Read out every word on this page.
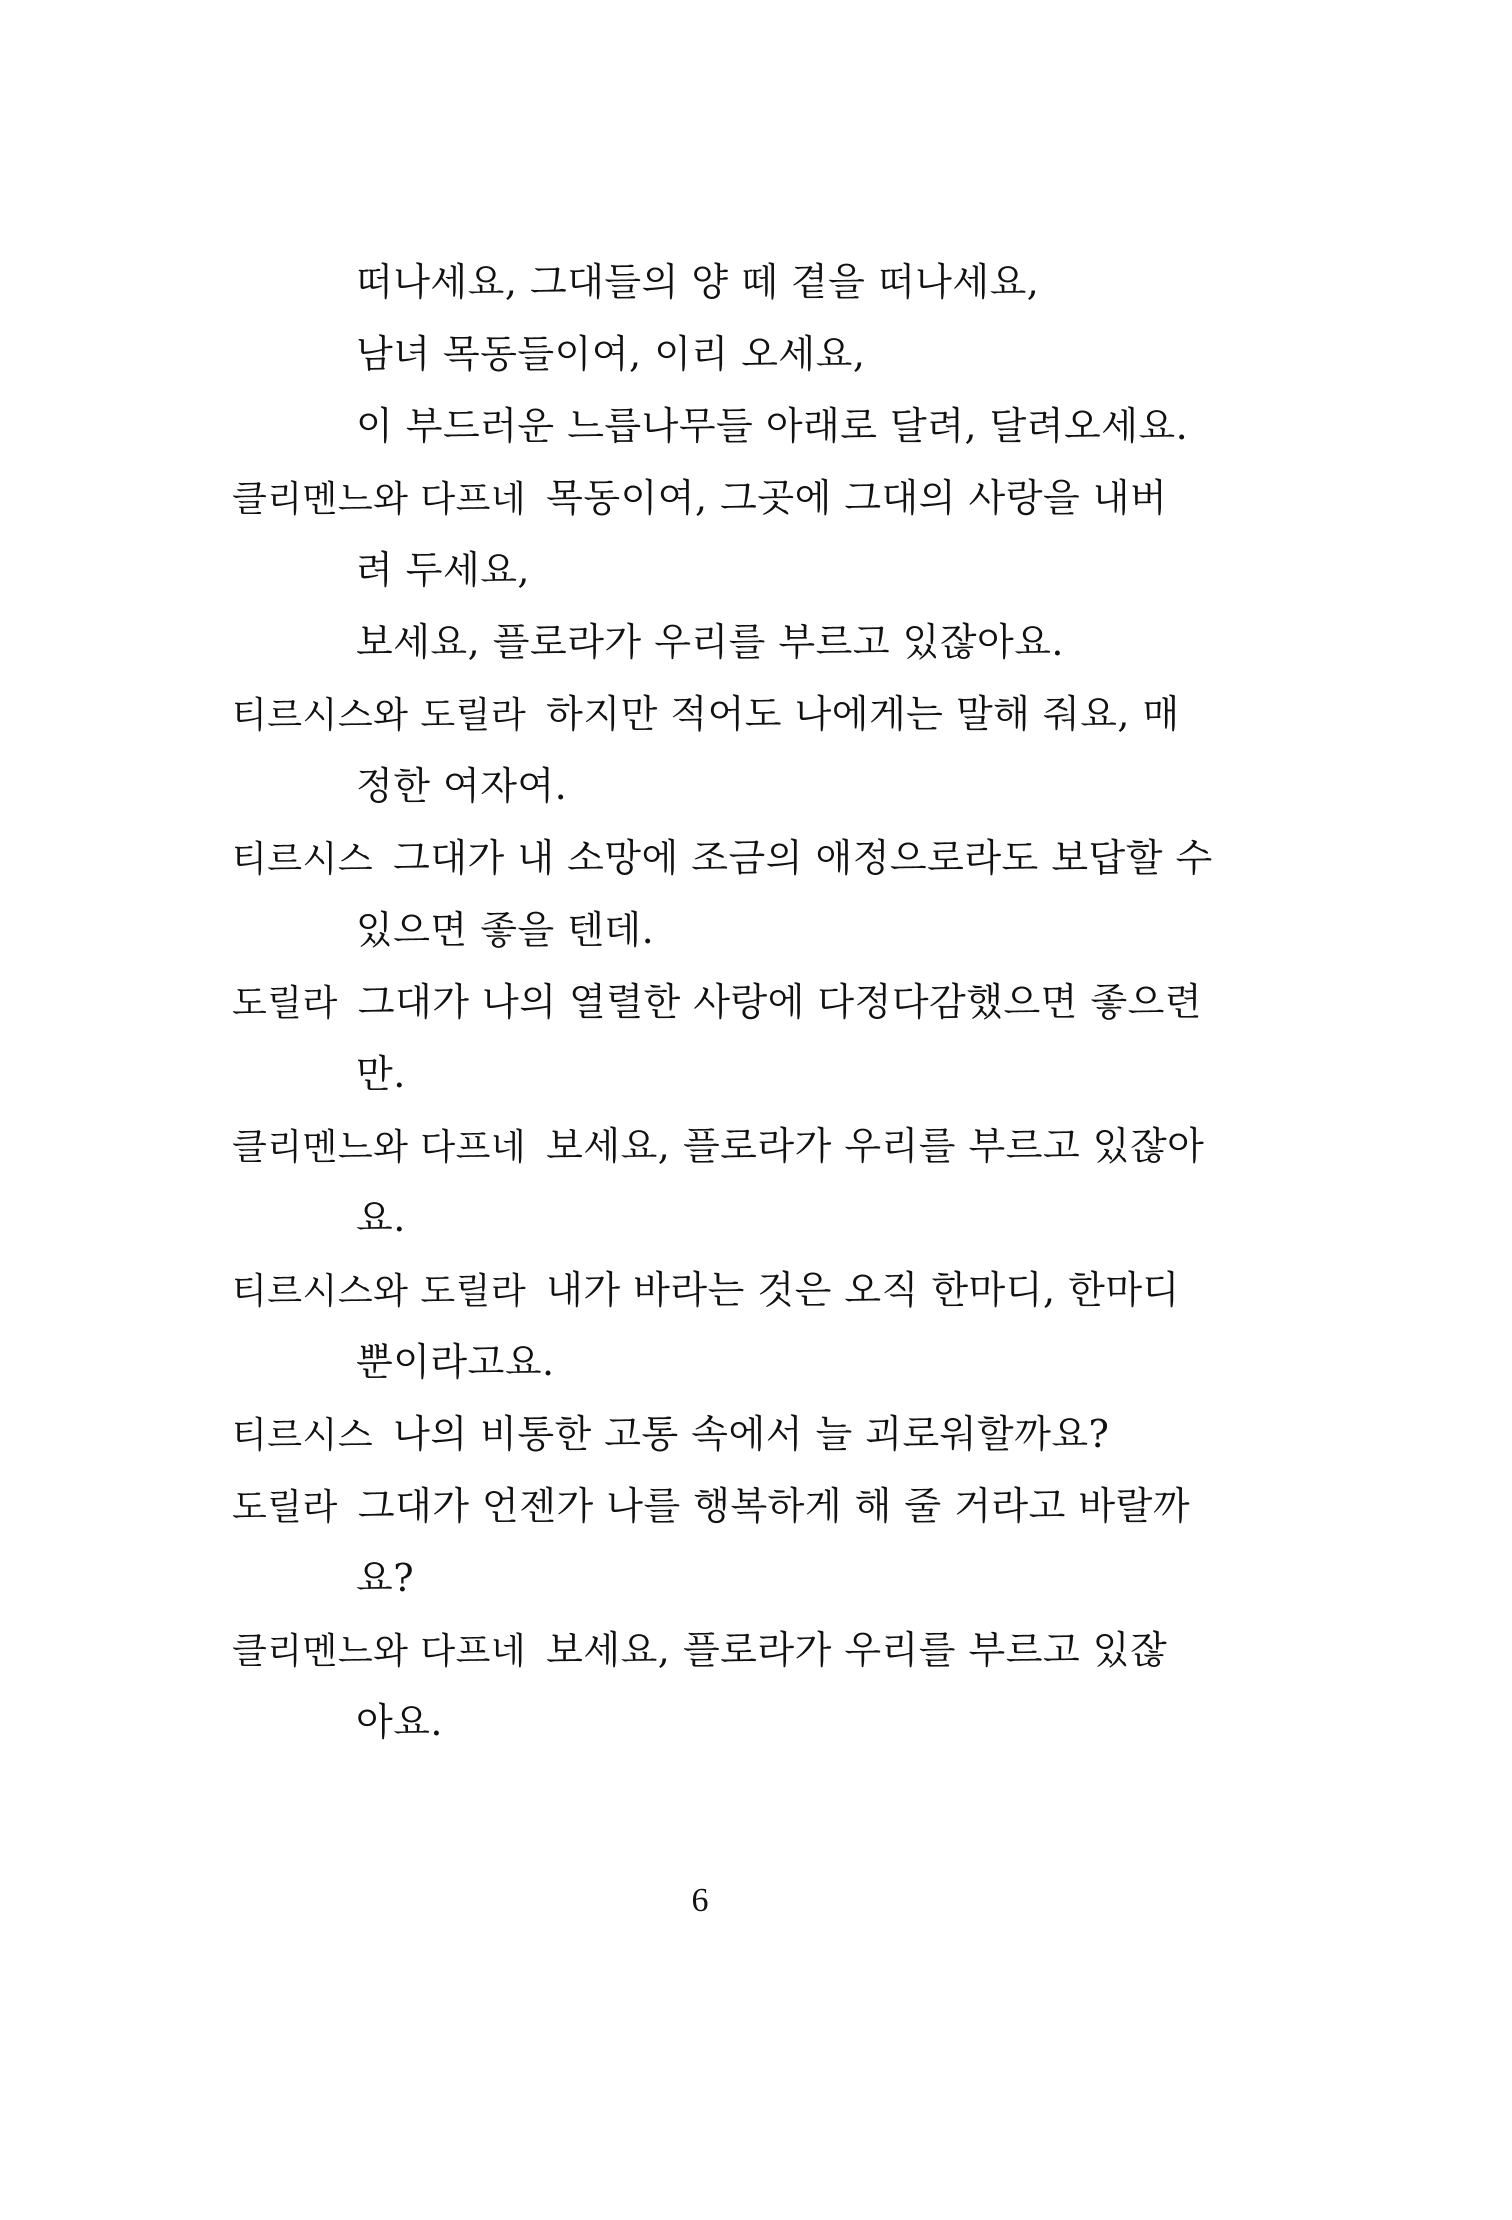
떠나세요, 그대들의 양 떼 곁을 떠나세요,
남녀 목동들이여, 이리 오세요,
이 부드러운 느릅나무들 아래로 달려, 달려오세요.
클리멘느와 다프네 목동이여, 그곳에 그대의 사랑을 내버
려 두세요,
보세요, 플로라가 우리를 부르고 있잖아요.
티르시스와 도릴라 하지만 적어도 나에게는 말해 줘요, 매
정한 여자여.
티르시스 그대가 내 소망에 조금의 애정으로라도 보답할 수
있으면 좋을 텐데.
도릴라 그대가 나의 열렬한 사랑에 다정다감했으면 좋으련
만.
클리멘느와 다프네 보세요, 플로라가 우리를 부르고 있잖아
요.
티르시스와 도릴라 내가 바라는 것은 오직 한마디, 한마디
뿐이라고요.
티르시스 나의 비통한 고통 속에서 늘 괴로워할까요?
도릴라 그대가 언젠가 나를 행복하게 해 줄 거라고 바랄까
요?
클리멘느와 다프네 보세요, 플로라가 우리를 부르고 있잖
아요.
6
